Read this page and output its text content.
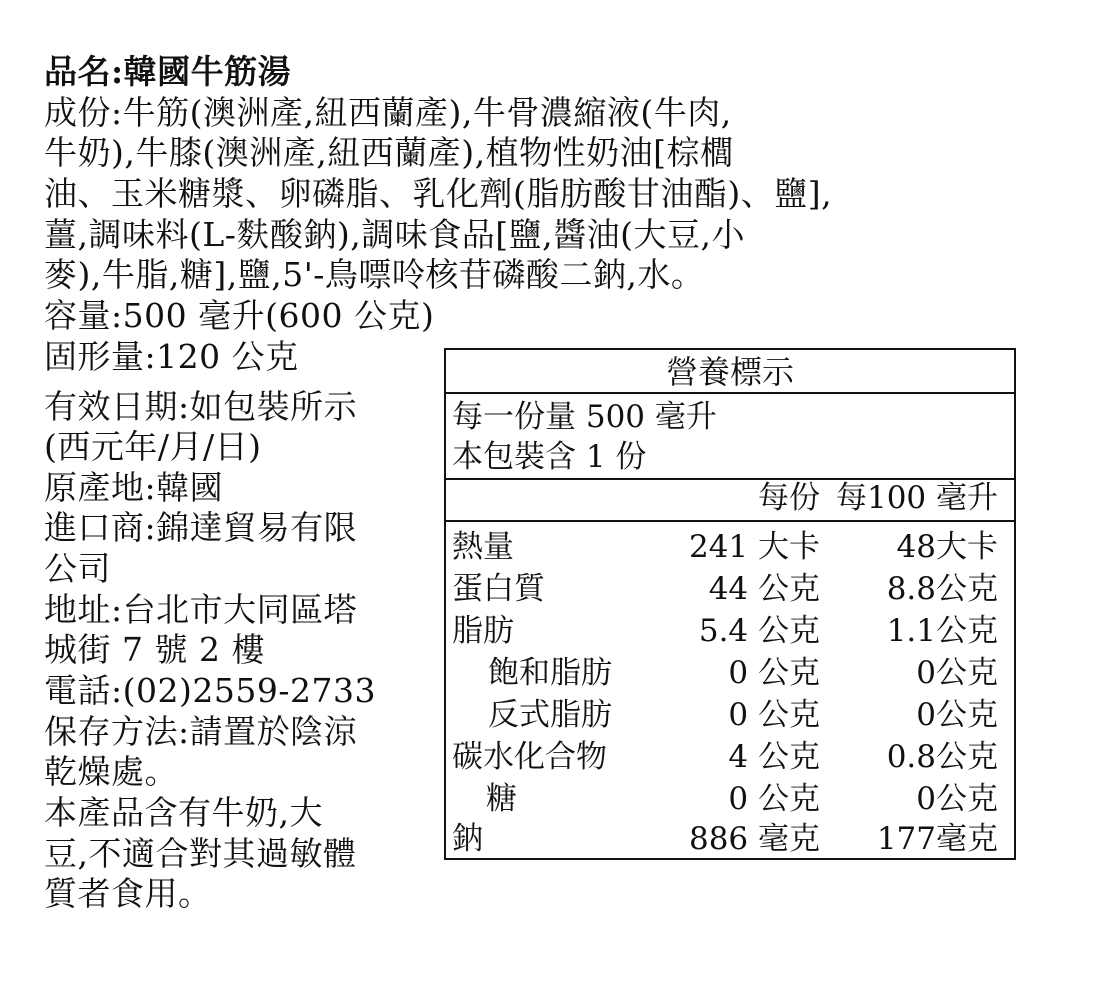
品名:韓國牛筋湯
成份:牛筋(澳洲產,紐西蘭產),牛骨濃縮液(牛肉,
牛奶),牛膝(澳洲產,紐西蘭產),植物性奶油[棕櫚
油、玉米糖漿、卵磷脂、乳化劑(脂肪酸甘油酯)、鹽],
薑,調味料(L-麩酸鈉),調味食品[鹽,醬油(大豆,小
麥),牛脂,糖],鹽,5'-鳥嘌呤核苷磷酸二鈉,水。
容量:500 毫升(600 公克)
固形量:120 公克
有效日期:如包裝所示
(西元年/月/日)
原產地:韓國
進口商:錦達貿易有限
公司
地址:台北市大同區塔
城街 7 號 2 樓
電話:(02)2559-2733
保存方法:請置於陰涼
乾燥處。
本產品含有牛奶,大
豆,不適合對其過敏體
質者食用。
營養標示
每一份量 500 毫升
本包裝含 1 份
每份 每100 毫升
熱量	241 大卡 48大卡
蛋白質	44 公克 8.8公克
脂肪	5.4 公克 1.1公克
飽和脂肪	0 公克	0公克
反式脂肪	0 公克	0公克
碳水化合物	4 公克 0.8公克
糖	0 公克	0公克
鈉	886 毫克 177毫克
